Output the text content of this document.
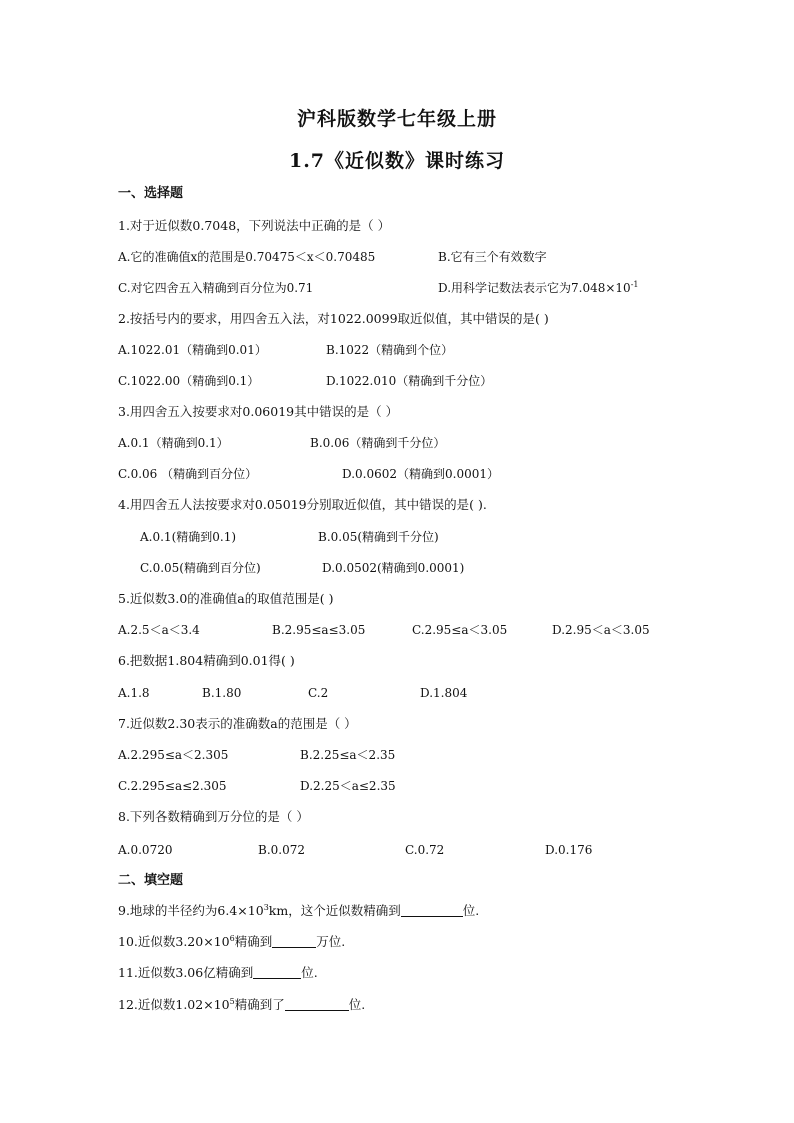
沪科版数学七年级上册
1.7《近似数》课时练习
一、选择题
1.对于近似数0.7048，下列说法中正确的是（ ）
A.它的准确值x的范围是0.70475＜x＜0.70485	B.它有三个有效数字
C.对它四舍五入精确到百分位为0.71	D.用科学记数法表示它为$7.048\times 10^{-1}$
2.按括号内的要求，用四舍五入法，对1022.0099取近似值，其中错误的是( )
A.1022.01（精确到0.01）	B.1022（精确到个位）
C.1022.00（精确到0.1）	D.1022.010（精确到千分位）
3.用四舍五入按要求对0.06019其中错误的是（ ）
A.0.1（精确到0.1）	B.0.06（精确到千分位）
C.0.06 （精确到百分位）	D.0.0602（精确到0.0001）
4.用四舍五人法按要求对0.05019分别取近似值，其中错误的是( ).
A.0.1(精确到0.1)	B.0.05(精确到千分位)
C.0.05(精确到百分位)	D.0.0502(精确到0.0001)
5.近似数3.0的准确值a的取值范围是( )
A.2.5＜a＜3.4	B.2.95≤a≤3.05	C.2.95≤a＜3.05	D.2.95＜a＜3.05
6.把数据1.804精确到0.01得( )
A.1.8	B.1.80	C.2	D.1.804
7.近似数2.30表示的准确数a的范围是（ ）
A.2.295≤a＜2.305	B.2.25≤a＜2.35
C.2.295≤a≤2.305	D.2.25＜a≤2.35
8.下列各数精确到万分位的是（ ）
A.0.0720	B.0.072	C.0.72	D.0.176
二、填空题
9.地球的半径约为$6.4\times 10^3km$，这个近似数精确到	位.
10.近似数$3.20\times 10^6$精确到	万位.
11.近似数3.06亿精确到	位.
12.近似数$1.02\times 10^5$精确到了	位.
